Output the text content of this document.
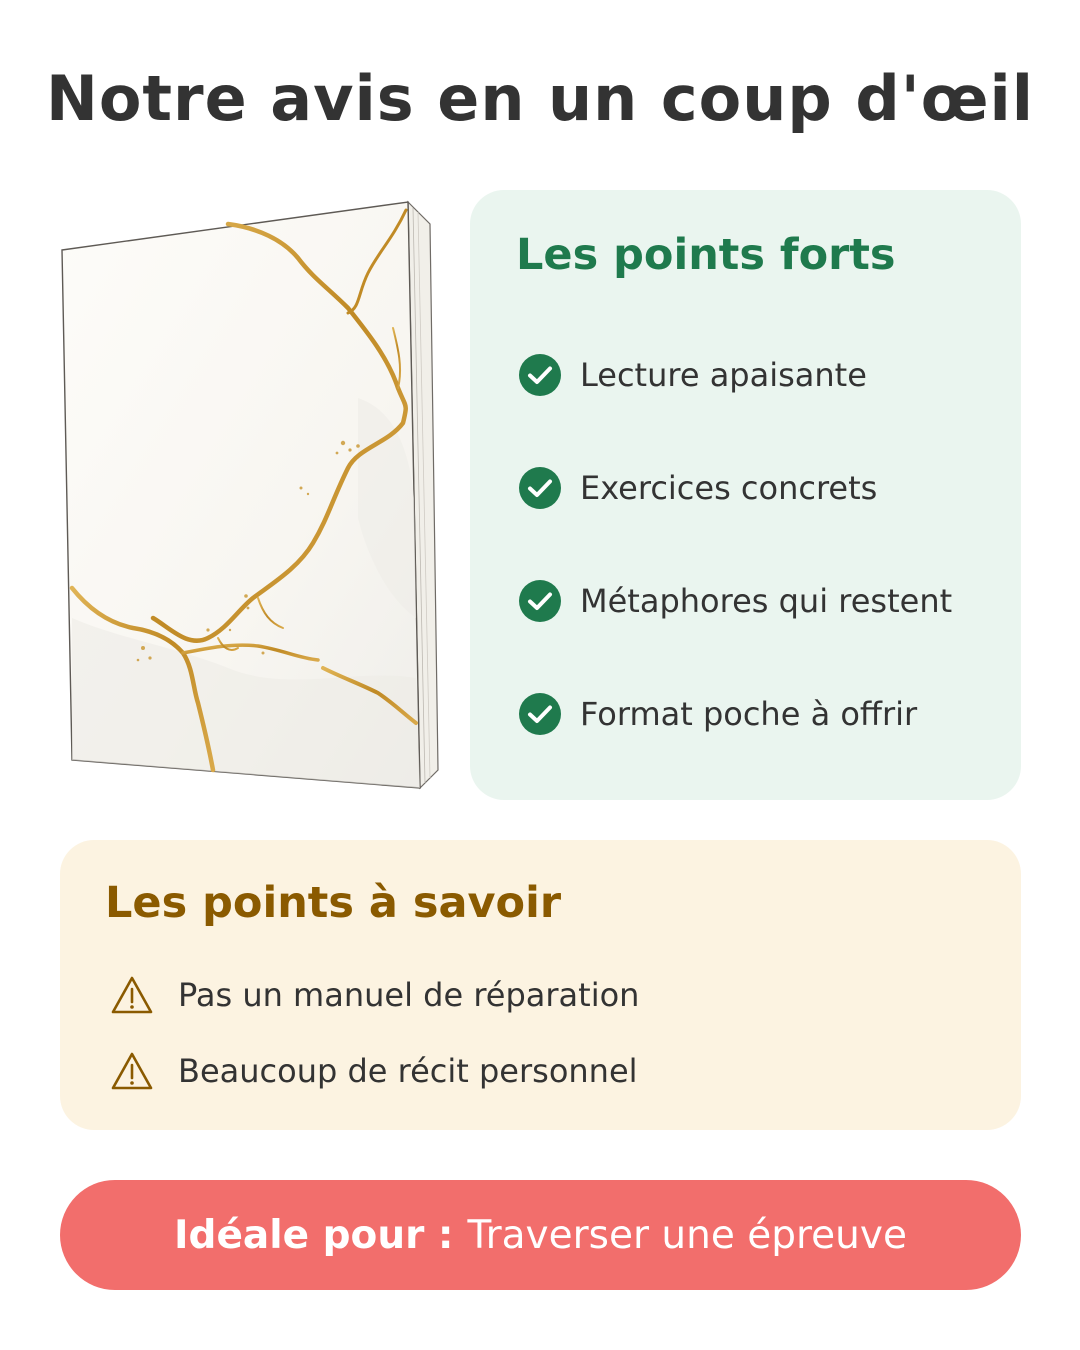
Notre avis en un coup d'œil
Les points forts
Lecture apaisante
Exercices concrets
Métaphores qui restent
Format poche à offrir
Les points à savoir
Pas un manuel de réparation
Beaucoup de récit personnel
Idéale pour : Traverser une épreuve
